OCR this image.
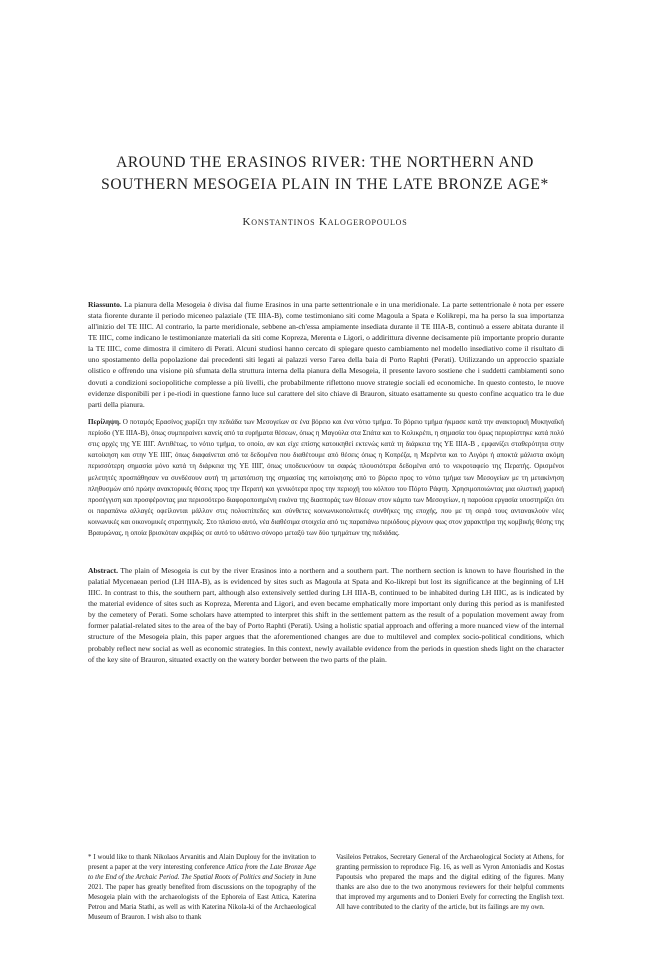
AROUND THE ERASINOS RIVER: THE NORTHERN AND
SOUTHERN MESOGEIA PLAIN IN THE LATE BRONZE AGE*
Konstantinos Kalogeropoulos

Riassunto. La pianura della Mesogeia è divisa dal fiume Erasinos in una parte settentrionale e in una meridionale. La parte settentrionale è nota per essere stata fiorente durante il periodo miceneo palaziale (TE IIIA-B), come testimoniano siti come Magoula a Spata e Kolikrepi, ma ha perso la sua importanza all'inizio del TE IIIC. Al contrario, la parte meridionale, sebbene an-ch'essa ampiamente insediata durante il TE IIIA-B, continuò a essere abitata durante il TE IIIC, come indicano le testimonianze materiali da siti come Kopreza, Merenta e Ligori, o addirittura divenne decisamente più importante proprio durante la TE IIIC, come dimostra il cimitero di Perati. Alcuni studiosi hanno cercato di spiegare questo cambiamento nel modello insediativo come il risultato di uno spostamento della popolazione dai precedenti siti legati ai palazzi verso l'area della baia di Porto Raphti (Perati). Utilizzando un approccio spaziale olistico e offrendo una visione più sfumata della struttura interna della pianura della Mesogeia, il presente lavoro sostiene che i suddetti cambiamenti sono dovuti a condizioni sociopolitiche complesse a più livelli, che probabilmente riflettono nuove strategie sociali ed economiche. In questo contesto, le nuove evidenze disponibili per i pe-riodi in questione fanno luce sul carattere del sito chiave di Brauron, situato esattamente su questo confine acquatico tra le due parti della pianura.

Περίληψη. Ο ποταμός Ερασίνος χωρίζει την πεδιάδα των Μεσογείων σε ένα βόρειο και ένα νότιο τμήμα. Το βόρειο τμήμα ήκμασε κατά την ανακτορική Μυκηναϊκή περίοδο (ΥΕ ΙΙΙΑ-Β), όπως συμπεραίνει κανείς από τα ευρήματα θέσεων, όπως η Μαγούλα στα Σπάτα και το Κολικρέπι, η σημασία του όμως περιορίστηκε κατά πολύ στις αρχές της ΥΕ ΙΙΙΓ. Αντιθέτως, το νότιο τμήμα, το οποίο, αν και είχε επίσης κατοικηθεί εκτενώς κατά τη διάρκεια της ΥΕ ΙΙΙΑ-Β , εμφανίζει σταθερότητα στην κατοίκηση και στην ΥΕ ΙΙΙΓ, όπως διαφαίνεται από τα δεδομένα που διαθέτουμε από θέσεις όπως η Κοπρέζα, η Μερέντα και το Λιγόρι ή αποκτά μάλιστα ακόμη περισσότερη σημασία μόνο κατά τη διάρκεια της ΥΕ ΙΙΙΓ, όπως υποδεικνύουν τα σαφώς πλουσιότερα δεδομένα από το νεκροταφείο της Περατής. Ορισμένοι μελετητές προσπάθησαν να συνδέσουν αυτή τη μετατόπιση της σημασίας της κατοίκησης από το βόρειο προς το νότιο τμήμα των Μεσογείων με τη μετακίνηση πληθυσμών από πρώην ανακτορικές θέσεις προς την Περατή και γενικότερα προς την περιοχή του κόλπου του Πόρτο Ράφτη. Χρησιμοποιώντας μια ολιστική χωρική προσέγγιση και προσφέροντας μια περισσότερο διαφοροποιημένη εικόνα της διασποράς των θέσεων στον κάμπο των Μεσογείων, η παρούσα εργασία υποστηρίζει ότι οι παραπάνω αλλαγές οφείλονται μάλλον στις πολυεπίπεδες και σύνθετες κοινωνικοπολιτικές συνθήκες της εποχής, που με τη σειρά τους αντανακλούν νέες κοινωνικές και οικονομικές στρατηγικές. Στο πλαίσιο αυτό, νέα διαθέσιμα στοιχεία από τις παραπάνω περιόδους ρίχνουν φως στον χαρακτήρα της κομβικής θέσης της Βραυρώνας, η οποία βρισκόταν ακριβώς σε αυτό το υδάτινο σύνορο μεταξύ των δύο τμημάτων της πεδιάδας.

Abstract. The plain of Mesogeia is cut by the river Erasinos into a northern and a southern part. The northern section is known to have flourished in the palatial Mycenaean period (LH IIIA-B), as is evidenced by sites such as Magoula at Spata and Ko-likrepi but lost its significance at the beginning of LH IIIC. In contrast to this, the southern part, although also extensively settled during LH IIIA-B, continued to be inhabited during LH IIIC, as is indicated by the material evidence of sites such as Kopreza, Merenta and Ligori, and even became emphatically more important only during this period as is manifested by the cemetery of Perati. Some scholars have attempted to interpret this shift in the settlement pattern as the result of a population movement away from former palatial-related sites to the area of the bay of Porto Raphti (Perati). Using a holistic spatial approach and offering a more nuanced view of the internal structure of the Mesogeia plain, this paper argues that the aforementioned changes are due to multilevel and complex socio-political conditions, which probably reflect new social as well as economic strategies. In this context, newly available evidence from the periods in question sheds light on the character of the key site of Brauron, situated exactly on the watery border between the two parts of the plain.

* I would like to thank Nikolaos Arvanitis and Alain Duplouy for the invitation to present a paper at the very interesting conference Attica from the Late Bronze Age to the End of the Archaic Period. The Spatial Roots of Politics and Society in June 2021. The paper has greatly benefited from discussions on the topography of the Mesogeia plain with the archaeologists of the Ephoreia of East Attica, Katerina Petrou and Maria Stathi, as well as with Katerina Nikola-ki of the Archaeological Museum of Brauron. I wish also to thank
Vasileios Petrakos, Secretary General of the Archaeological Society at Athens, for granting permission to reproduce Fig. 16, as well as Vyron Antoniadis and Kostas Papoutsis who prepared the maps and the digital editing of the figures. Many thanks are also due to the two anonymous reviewers for their helpful comments that improved my arguments and to Donieri Evely for correcting the English text. All have contributed to the clarity of the article, but its failings are my own.
